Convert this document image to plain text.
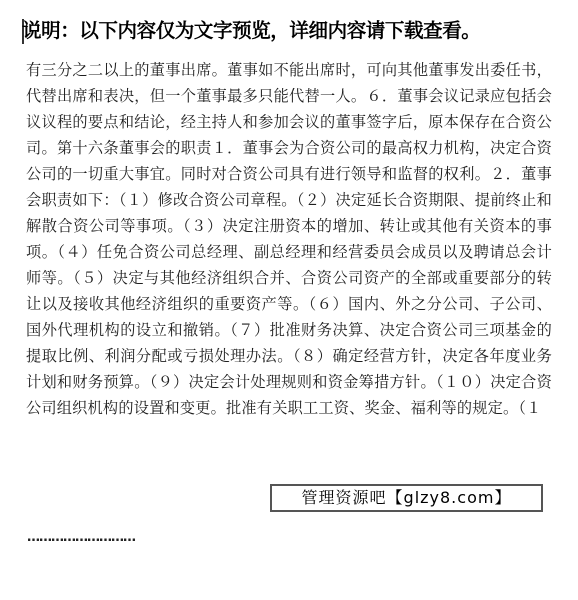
说明：以下内容仅为文字预览，详细内容请下载查看。
有三分之二以上的董事出席。董事如不能出席时，可向其他董事发出委任书，代替出席和表决，但一个董事最多只能代替一人。６．董事会议记录应包括会议议程的要点和结论，经主持人和参加会议的董事签字后，原本保存在合资公司。第十六条董事会的职责１．董事会为合资公司的最高权力机构，决定合资公司的一切重大事宜。同时对合资公司具有进行领导和监督的权利。２．董事会职责如下：（１）修改合资公司章程。（２）决定延长合资期限、提前终止和解散合资公司等事项。（３）决定注册资本的增加、转让或其他有关资本的事项。（４）任免合资公司总经理、副总经理和经营委员会成员以及聘请总会计师等。（５）决定与其他经济组织合并、合资公司资产的全部或重要部分的转让以及接收其他经济组织的重要资产等。（６）国内、外之分公司、子公司、国外代理机构的设立和撤销。（７）批准财务决算、决定合资公司三项基金的提取比例、利润分配或亏损处理办法。（８）确定经营方针，决定各年度业务计划和财务预算。（９）决定会计处理规则和资金筹措方针。（１０）决定合资公司组织机构的设置和变更。批准有关职工工资、奖金、福利等的规定。（１
管理资源吧【glzy8.com】
………………………
